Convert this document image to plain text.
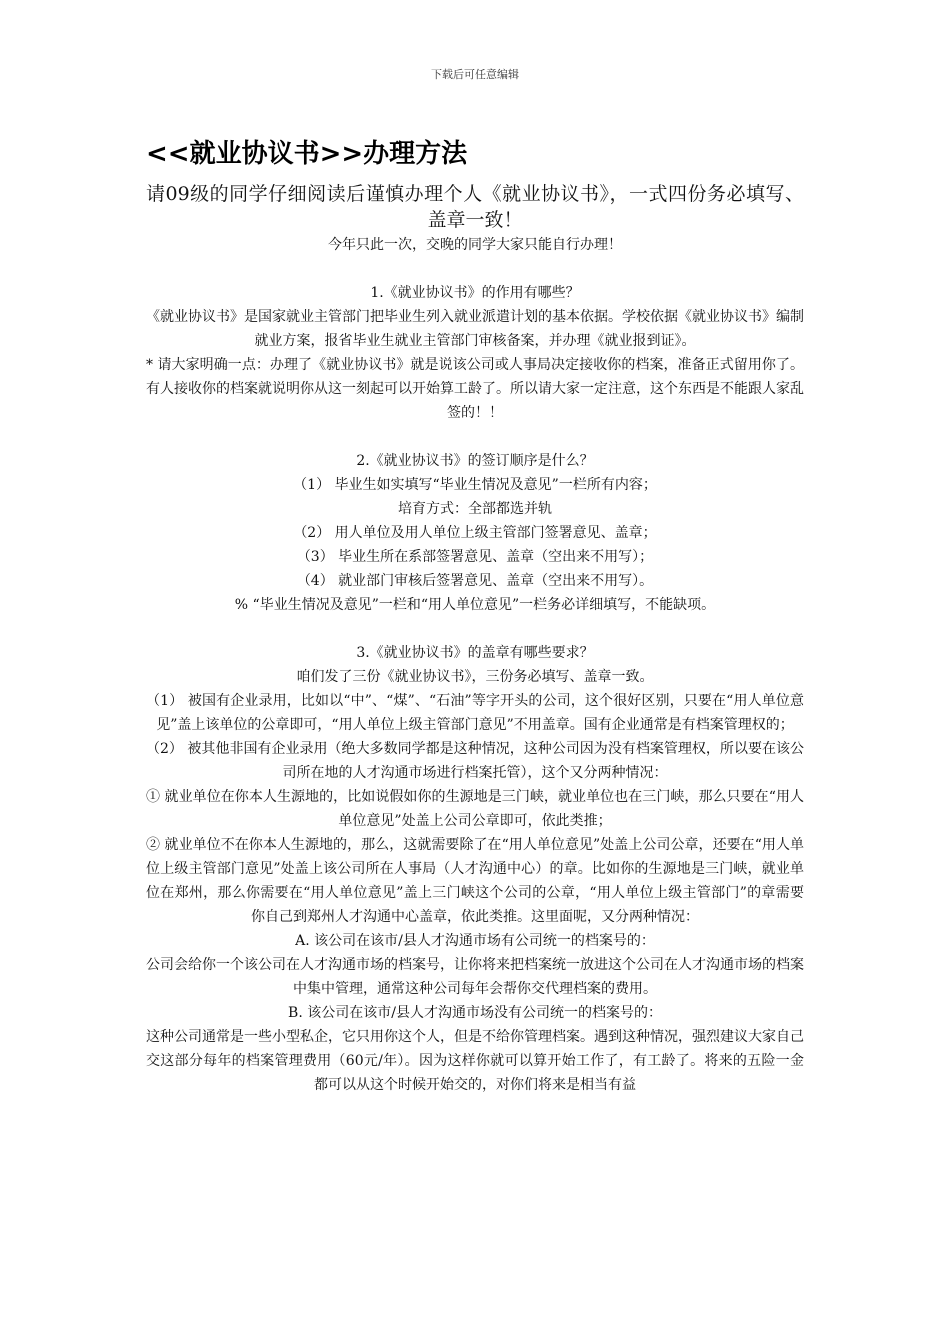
下载后可任意编辑
<<就业协议书>>办理方法

请09级的同学仔细阅读后谨慎办理个人《就业协议书》，一式四份务必填写、盖章一致！

今年只此一次，交晚的同学大家只能自行办理！

1.《就业协议书》的作用有哪些？

《就业协议书》是国家就业主管部门把毕业生列入就业派遣计划的基本依据。学校依据《就业协议书》编制就业方案，报省毕业生就业主管部门审核备案，并办理《就业报到证》。

* 请大家明确一点：办理了《就业协议书》就是说该公司或人事局决定接收你的档案，准备正式留用你了。有人接收你的档案就说明你从这一刻起可以开始算工龄了。所以请大家一定注意，这个东西是不能跟人家乱签的！！

2.《就业协议书》的签订顺序是什么？

（1） 毕业生如实填写“毕业生情况及意见”一栏所有内容；

培育方式：全部都选并轨

（2） 用人单位及用人单位上级主管部门签署意见、盖章；

（3） 毕业生所在系部签署意见、盖章（空出来不用写）；

（4） 就业部门审核后签署意见、盖章（空出来不用写）。

% “毕业生情况及意见”一栏和“用人单位意见”一栏务必详细填写，不能缺项。

3.《就业协议书》的盖章有哪些要求？

咱们发了三份《就业协议书》，三份务必填写、盖章一致。

（1） 被国有企业录用，比如以“中”、“煤”、“石油”等字开头的公司，这个很好区别，只要在“用人单位意见”盖上该单位的公章即可，“用人单位上级主管部门意见”不用盖章。国有企业通常是有档案管理权的；

（2） 被其他非国有企业录用（绝大多数同学都是这种情况，这种公司因为没有档案管理权，所以要在该公司所在地的人才沟通市场进行档案托管），这个又分两种情况：

① 就业单位在你本人生源地的，比如说假如你的生源地是三门峡，就业单位也在三门峡，那么只要在“用人单位意见”处盖上公司公章即可，依此类推；

② 就业单位不在你本人生源地的，那么，这就需要除了在“用人单位意见”处盖上公司公章，还要在“用人单位上级主管部门意见”处盖上该公司所在人事局（人才沟通中心）的章。比如你的生源地是三门峡，就业单位在郑州，那么你需要在“用人单位意见”盖上三门峡这个公司的公章，“用人单位上级主管部门”的章需要你自己到郑州人才沟通中心盖章，依此类推。这里面呢，又分两种情况：

A. 该公司在该市/县人才沟通市场有公司统一的档案号的：

公司会给你一个该公司在人才沟通市场的档案号，让你将来把档案统一放进这个公司在人才沟通市场的档案中集中管理，通常这种公司每年会帮你交代理档案的费用。

B. 该公司在该市/县人才沟通市场没有公司统一的档案号的：

这种公司通常是一些小型私企，它只用你这个人，但是不给你管理档案。遇到这种情况，强烈建议大家自己交这部分每年的档案管理费用（60元/年）。因为这样你就可以算开始工作了，有工龄了。将来的五险一金都可以从这个时候开始交的，对你们将来是相当有益
